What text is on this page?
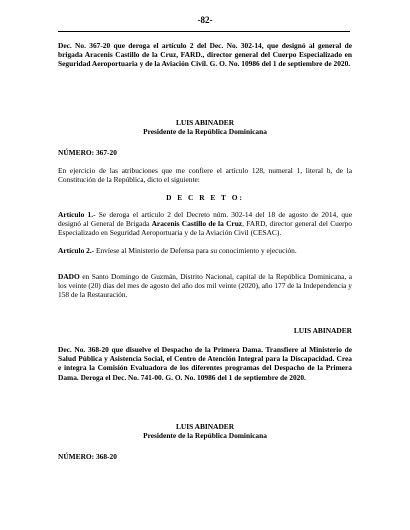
-82-
Dec. No. 367-20 que deroga el artículo 2 del Dec. No. 302-14, que designó al general de brigada Aracenis Castillo de la Cruz, FARD., director general del Cuerpo Especializado en Seguridad Aeroportuaria y de la Aviación Civil. G. O. No. 10986 del 1 de septiembre de 2020.
LUIS ABINADER
Presidente de la República Dominicana
NÚMERO: 367-20
En ejercicio de las atribuciones que me confiere el artículo 128, numeral 1, literal b, de la Constitución de la República, dicto el siguiente:
D E C R E T O:
Artículo 1.- Se deroga el artículo 2 del Decreto núm. 302-14 del 18 de agosto de 2014, que designó al General de Brigada Aracenis Castillo de la Cruz, FARD, director general del Cuerpo Especializado en Seguridad Aeroportuaria y de la Aviación Civil (CESAC).
Artículo 2.- Envíese al Ministerio de Defensa para su conocimiento y ejecución.
DADO en Santo Domingo de Guzmán, Distrito Nacional, capital de la República Dominicana, a los veinte (20) días del mes de agosto del año dos mil veinte (2020), año 177 de la Independencia y 158 de la Restauración.
LUIS ABINADER
Dec. No. 368-20 que disuelve el Despacho de la Primera Dama. Transfiere al Ministerio de Salud Pública y Asistencia Social, el Centro de Atención Integral para la Discapacidad. Crea e integra la Comisión Evaluadora de los diferentes programas del Despacho de la Primera Dama. Deroga el Dec. No. 741-00. G. O. No. 10986 del 1 de septiembre de 2020.
LUIS ABINADER
Presidente de la República Dominicana
NÚMERO: 368-20
